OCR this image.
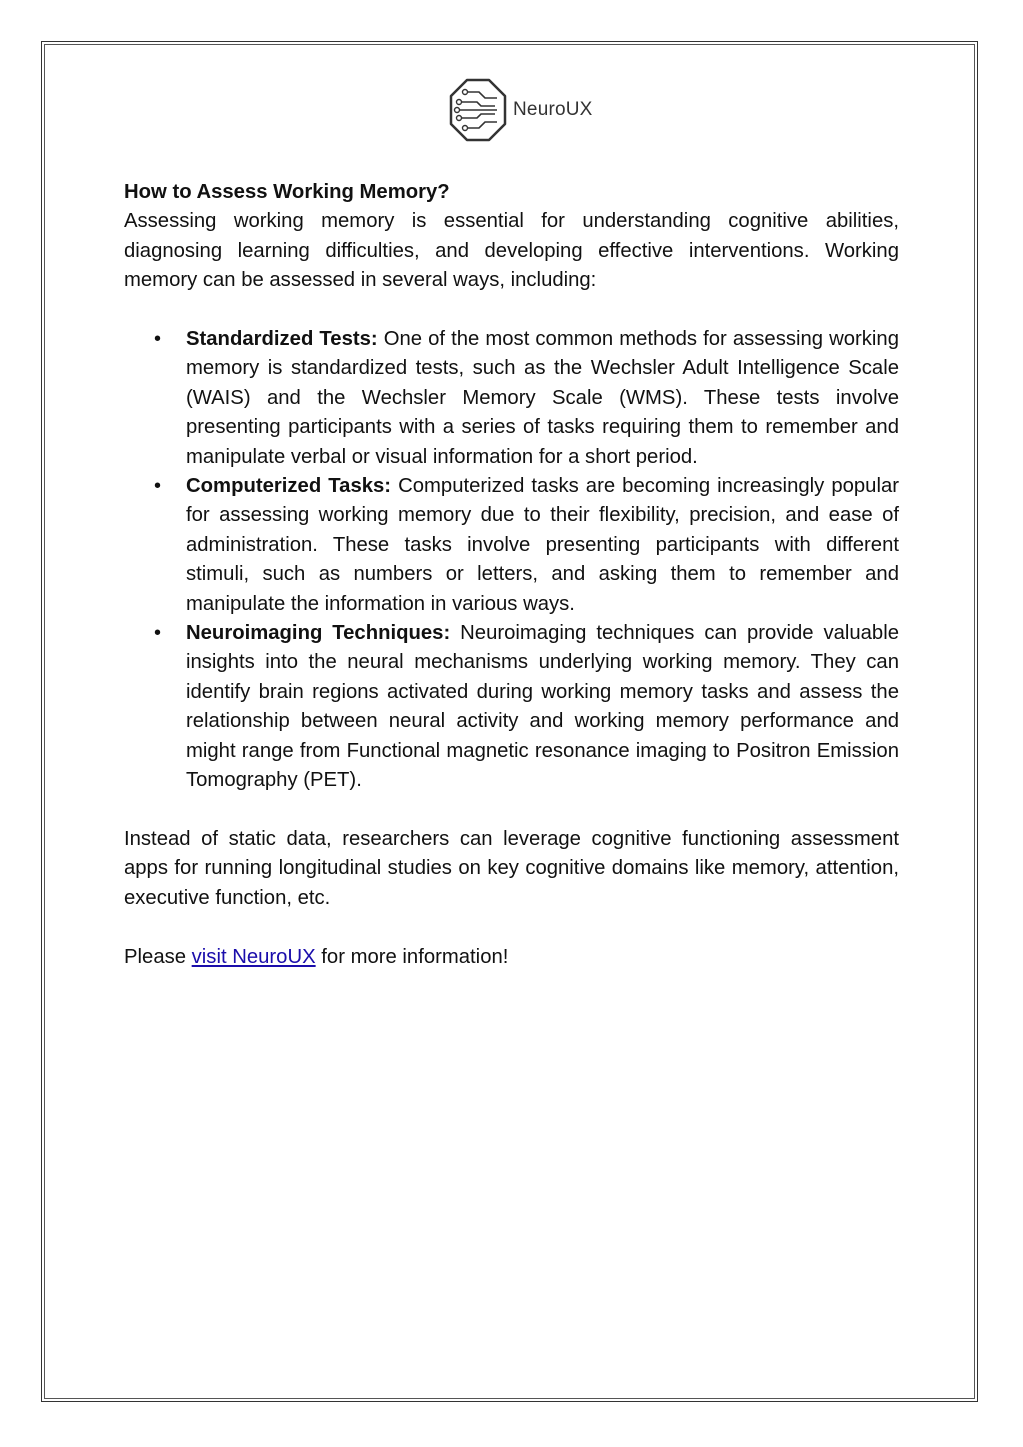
NeuroUX

How to Assess Working Memory?

Assessing working memory is essential for understanding cognitive abilities, diagnosing learning difficulties, and developing effective interventions. Working memory can be assessed in several ways, including:

• Standardized Tests: One of the most common methods for assessing working memory is standardized tests, such as the Wechsler Adult Intelligence Scale (WAIS) and the Wechsler Memory Scale (WMS). These tests involve presenting participants with a series of tasks requiring them to remember and manipulate verbal or visual information for a short period.
• Computerized Tasks: Computerized tasks are becoming increasingly popular for assessing working memory due to their flexibility, precision, and ease of administration. These tasks involve presenting participants with different stimuli, such as numbers or letters, and asking them to remember and manipulate the information in various ways.
• Neuroimaging Techniques: Neuroimaging techniques can provide valuable insights into the neural mechanisms underlying working memory. They can identify brain regions activated during working memory tasks and assess the relationship between neural activity and working memory performance and might range from Functional magnetic resonance imaging to Positron Emission Tomography (PET).

Instead of static data, researchers can leverage cognitive functioning assessment apps for running longitudinal studies on key cognitive domains like memory, attention, executive function, etc.

Please visit NeuroUX for more information!
